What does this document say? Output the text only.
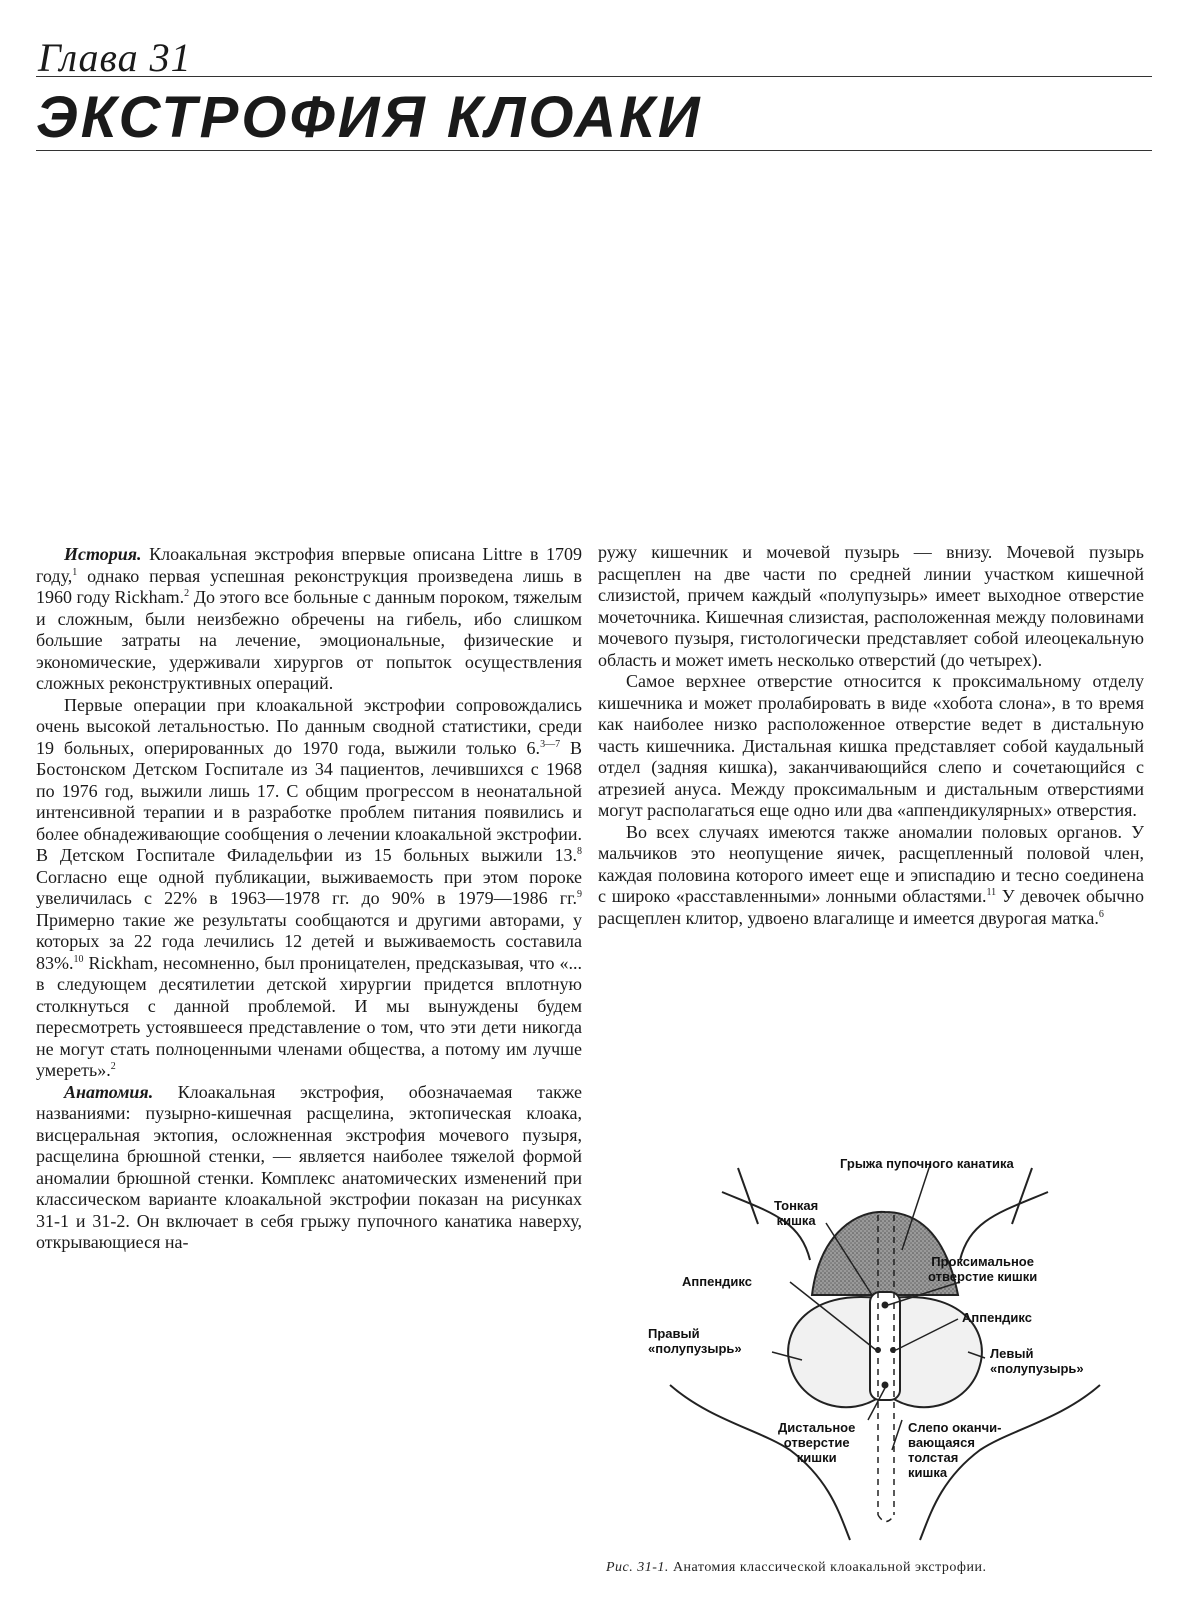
Глава 31
ЭКСТРОФИЯ КЛОАКИ

История. Клоакальная экстрофия впервые описана Littre в 1709 году,$^1$ однако первая успешная реконструкция произведена лишь в 1960 году Rickham.$^2$ До этого все больные с данным пороком, тяжелым и сложным, были неизбежно обречены на гибель, ибо слишком большие затраты на лечение, эмоциональные, физические и экономические, удерживали хирургов от попыток осуществления сложных реконструктивных операций.

Первые операции при клоакальной экстрофии сопровождались очень высокой летальностью. По данным сводной статистики, среди 19 больных, оперированных до 1970 года, выжили только 6.$^{3—7}$ В Бостонском Детском Госпитале из 34 пациентов, лечившихся с 1968 по 1976 год, выжили лишь 17. С общим прогрессом в неонатальной интенсивной терапии и в разработке проблем питания появились и более обнадеживающие сообщения о лечении клоакальной экстрофии. В Детском Госпитале Филадельфии из 15 больных выжили 13.$^8$ Согласно еще одной публикации, выживаемость при этом пороке увеличилась с 22% в 1963—1978 гг. до 90% в 1979—1986 гг.$^9$ Примерно такие же результаты сообщаются и другими авторами, у которых за 22 года лечились 12 детей и выживаемость составила 83%.$^{10}$ Rickham, несомненно, был проницателен, предсказывая, что «... в следующем десятилетии детской хирургии придется вплотную столкнуться с данной проблемой. И мы вынуждены будем пересмотреть устоявшееся представление о том, что эти дети никогда не могут стать полноценными членами общества, а потому им лучше умереть».$^2$

Анатомия. Клоакальная экстрофия, обозначаемая также названиями: пузырно-кишечная расщелина, эктопическая клоака, висцеральная эктопия, осложненная экстрофия мочевого пузыря, расщелина брюшной стенки, — является наиболее тяжелой формой аномалии брюшной стенки. Комплекс анатомических изменений при классическом варианте клоакальной экстрофии показан на рисунках 31-1 и 31-2. Он включает в себя грыжу пупочного канатика наверху, открывающиеся на-

ружу кишечник и мочевой пузырь — внизу. Мочевой пузырь расщеплен на две части по средней линии участком кишечной слизистой, причем каждый «полупузырь» имеет выходное отверстие мочеточника. Кишечная слизистая, расположенная между половинами мочевого пузыря, гистологически представляет собой илеоцекальную область и может иметь несколько отверстий (до четырех).

Самое верхнее отверстие относится к проксимальному отделу кишечника и может пролабировать в виде «хобота слона», в то время как наиболее низко расположенное отверстие ведет в дистальную часть кишечника. Дистальная кишка представляет собой каудальный отдел (задняя кишка), заканчивающийся слепо и сочетающийся с атрезией ануса. Между проксимальным и дистальным отверстиями могут располагаться еще одно или два «аппендикулярных» отверстия.

Во всех случаях имеются также аномалии половых органов. У мальчиков это неопущение яичек, расщепленный половой член, каждая половина которого имеет еще и эписпадию и тесно соединена с широко «расставленными» лонными областями.$^{11}$ У девочек обычно расщеплен клитор, удвоено влагалище и имеется двурогая матка.$^6$

Грыжа пупочного канатика
Тонкая
кишка
Проксимальное
отверстие кишки
Аппендикс
Аппендикс
Правый
«полупузырь»	Левый
«полупузырь»
Дистальное
отверстие
кишки
Слепо оканчи-
вающаяся
толстая
кишка
Рис. 31-1. Анатомия классической клоакальной экстрофии.
